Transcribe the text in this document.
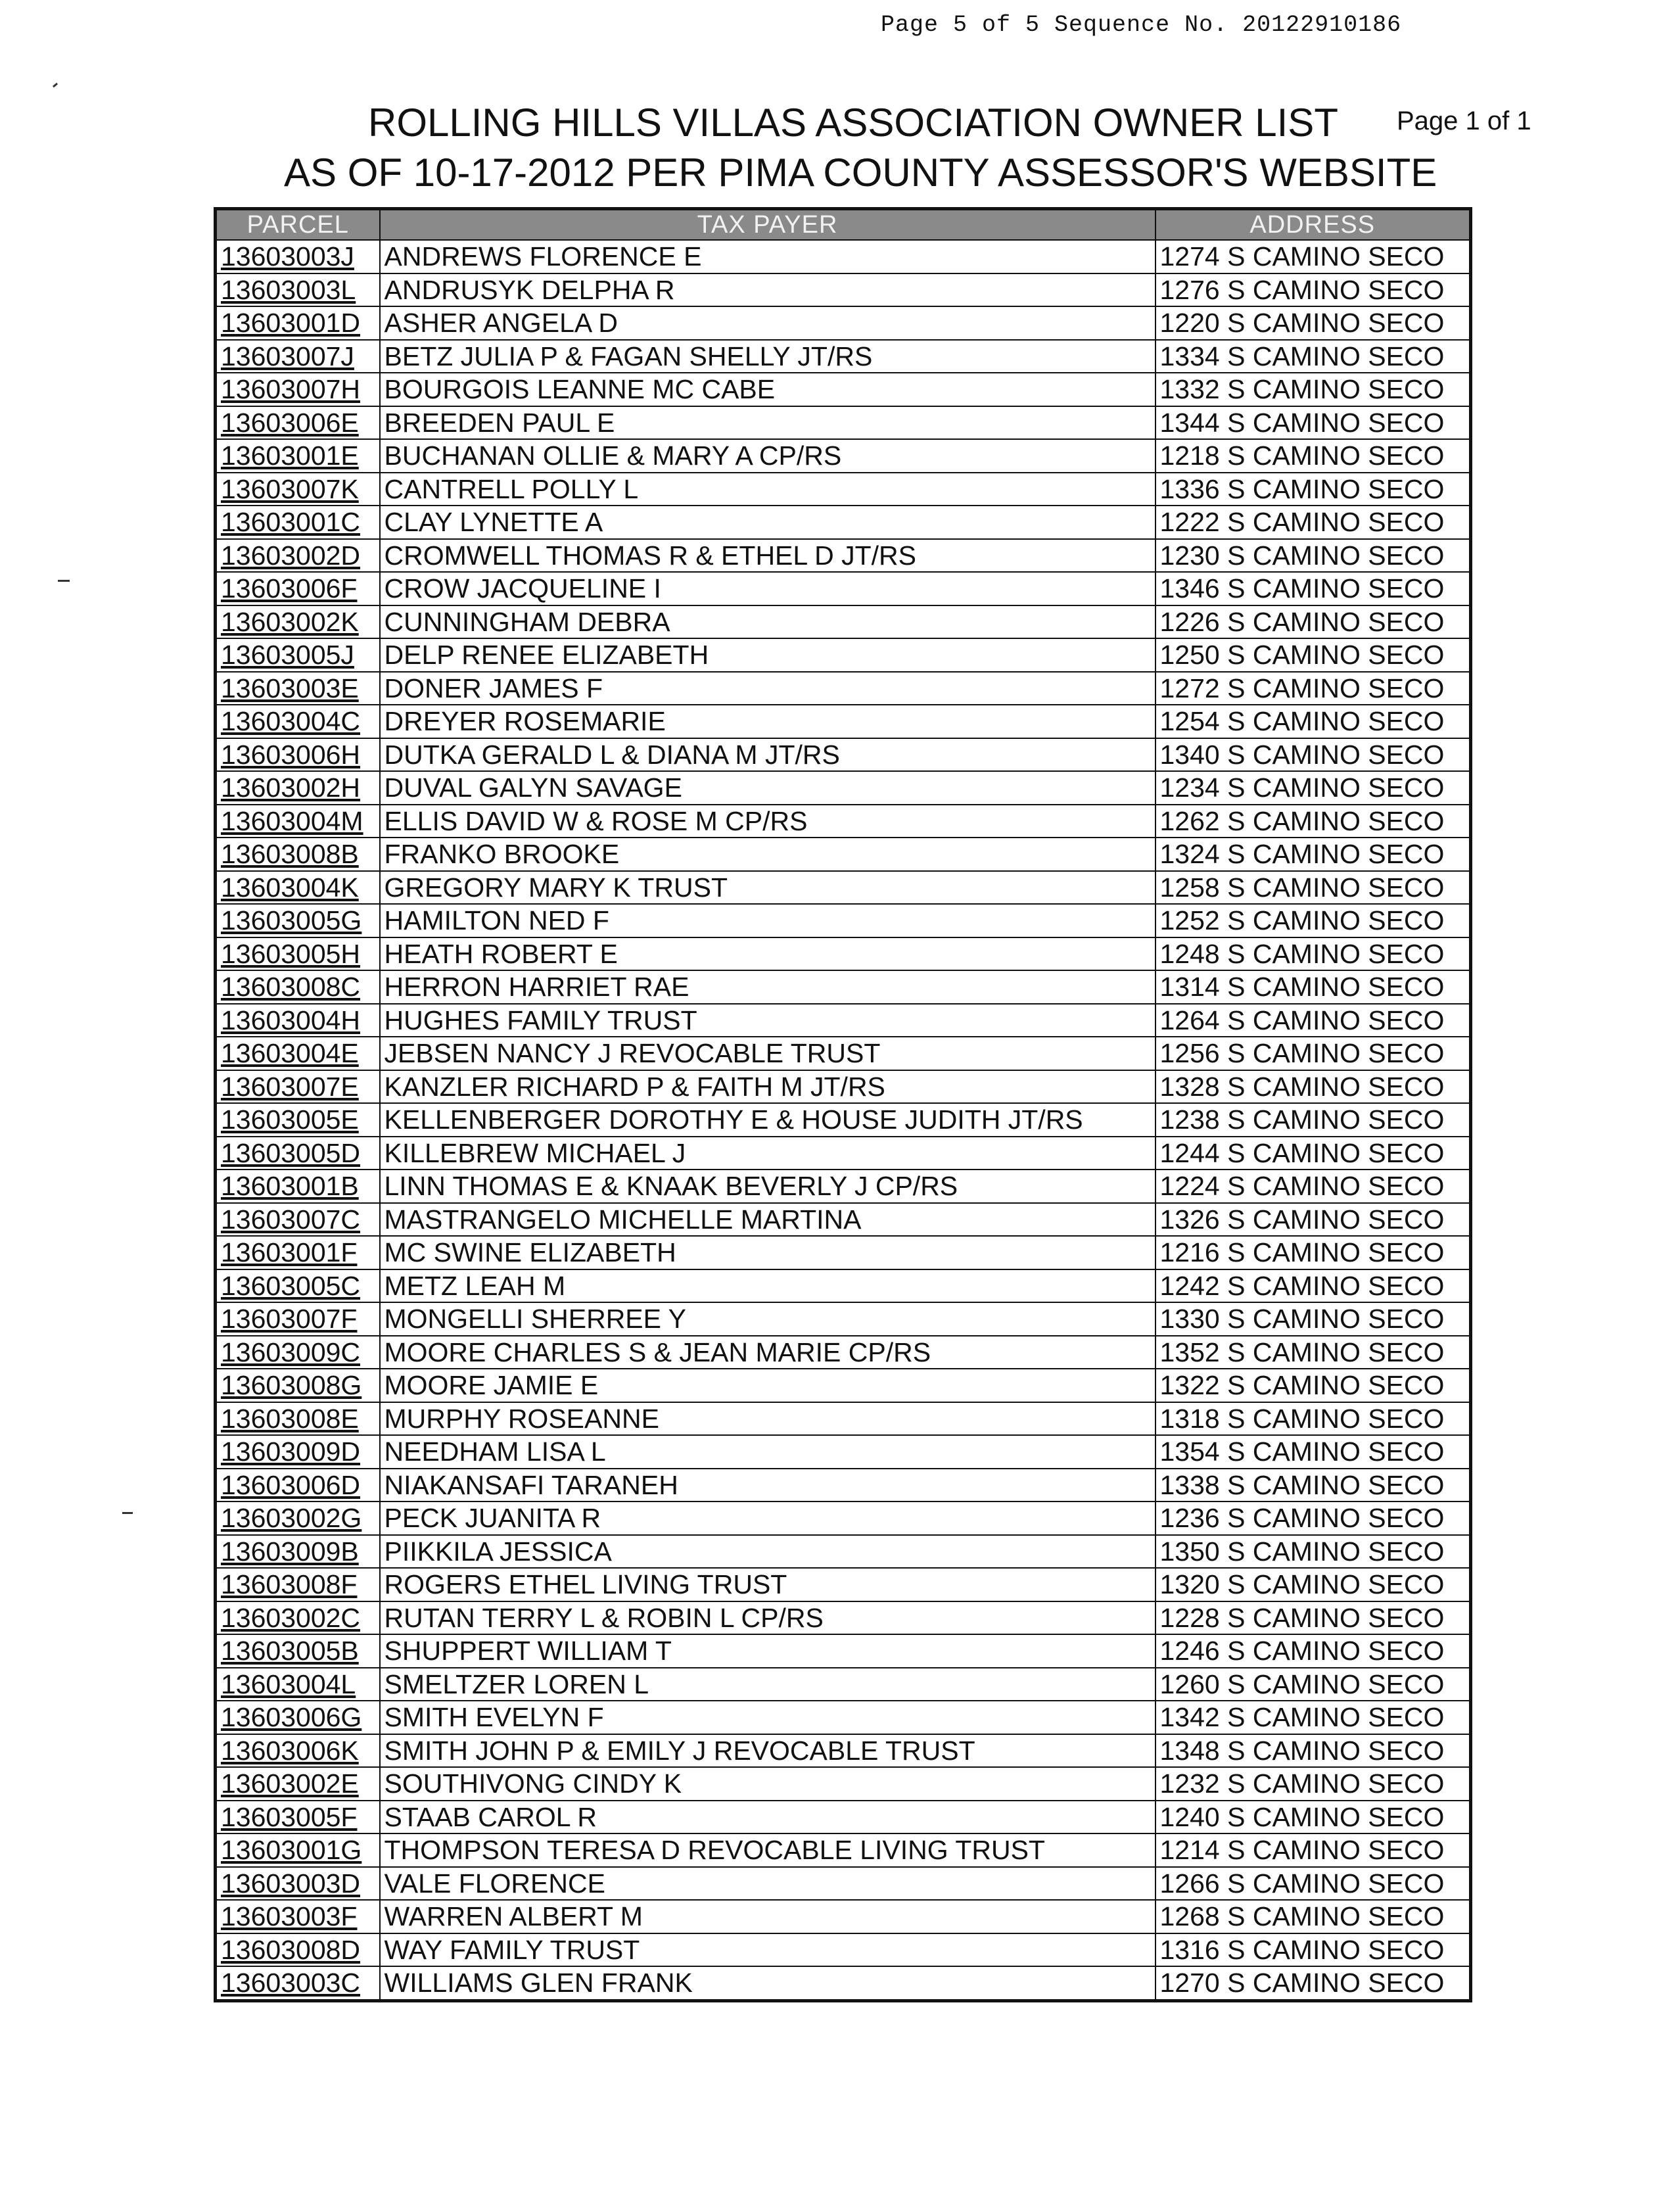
Page 5 of 5 Sequence No. 20122910186
ROLLING HILLS VILLAS ASSOCIATION OWNER LIST Page 1 of 1
AS OF 10-17-2012 PER PIMA COUNTY ASSESSOR'S WEBSITE
PARCEL	TAX PAYER	ADDRESS
13603003J	ANDREWS FLORENCE E	1274 S CAMINO SECO
13603003L	ANDRUSYK DELPHA R	1276 S CAMINO SECO
13603001D	ASHER ANGELA D	1220 S CAMINO SECO
13603007J	BETZ JULIA P & FAGAN SHELLY JT/RS	1334 S CAMINO SECO
13603007H	BOURGOIS LEANNE MC CABE	1332 S CAMINO SECO
13603006E	BREEDEN PAUL E	1344 S CAMINO SECO
13603001E	BUCHANAN OLLIE & MARY A CP/RS	1218 S CAMINO SECO
13603007K	CANTRELL POLLY L	1336 S CAMINO SECO
13603001C	CLAY LYNETTE A	1222 S CAMINO SECO
13603002D	CROMWELL THOMAS R & ETHEL D JT/RS	1230 S CAMINO SECO
13603006F	CROW JACQUELINE I	1346 S CAMINO SECO
13603002K	CUNNINGHAM DEBRA	1226 S CAMINO SECO
13603005J	DELP RENEE ELIZABETH	1250 S CAMINO SECO
13603003E	DONER JAMES F	1272 S CAMINO SECO
13603004C	DREYER ROSEMARIE	1254 S CAMINO SECO
13603006H	DUTKA GERALD L & DIANA M JT/RS	1340 S CAMINO SECO
13603002H	DUVAL GALYN SAVAGE	1234 S CAMINO SECO
13603004M	ELLIS DAVID W & ROSE M CP/RS	1262 S CAMINO SECO
13603008B	FRANKO BROOKE	1324 S CAMINO SECO
13603004K	GREGORY MARY K TRUST	1258 S CAMINO SECO
13603005G	HAMILTON NED F	1252 S CAMINO SECO
13603005H	HEATH ROBERT E	1248 S CAMINO SECO
13603008C	HERRON HARRIET RAE	1314 S CAMINO SECO
13603004H	HUGHES FAMILY TRUST	1264 S CAMINO SECO
13603004E	JEBSEN NANCY J REVOCABLE TRUST	1256 S CAMINO SECO
13603007E	KANZLER RICHARD P & FAITH M JT/RS	1328 S CAMINO SECO
13603005E	KELLENBERGER DOROTHY E & HOUSE JUDITH JT/RS	1238 S CAMINO SECO
13603005D	KILLEBREW MICHAEL J	1244 S CAMINO SECO
13603001B	LINN THOMAS E & KNAAK BEVERLY J CP/RS	1224 S CAMINO SECO
13603007C	MASTRANGELO MICHELLE MARTINA	1326 S CAMINO SECO
13603001F	MC SWINE ELIZABETH	1216 S CAMINO SECO
13603005C	METZ LEAH M	1242 S CAMINO SECO
13603007F	MONGELLI SHERREE Y	1330 S CAMINO SECO
13603009C	MOORE CHARLES S & JEAN MARIE CP/RS	1352 S CAMINO SECO
13603008G	MOORE JAMIE E	1322 S CAMINO SECO
13603008E	MURPHY ROSEANNE	1318 S CAMINO SECO
13603009D	NEEDHAM LISA L	1354 S CAMINO SECO
13603006D	NIAKANSAFI TARANEH	1338 S CAMINO SECO
13603002G	PECK JUANITA R	1236 S CAMINO SECO
13603009B	PIIKKILA JESSICA	1350 S CAMINO SECO
13603008F	ROGERS ETHEL LIVING TRUST	1320 S CAMINO SECO
13603002C	RUTAN TERRY L & ROBIN L CP/RS	1228 S CAMINO SECO
13603005B	SHUPPERT WILLIAM T	1246 S CAMINO SECO
13603004L	SMELTZER LOREN L	1260 S CAMINO SECO
13603006G	SMITH EVELYN F	1342 S CAMINO SECO
13603006K	SMITH JOHN P & EMILY J REVOCABLE TRUST	1348 S CAMINO SECO
13603002E	SOUTHIVONG CINDY K	1232 S CAMINO SECO
13603005F	STAAB CAROL R	1240 S CAMINO SECO
13603001G	THOMPSON TERESA D REVOCABLE LIVING TRUST	1214 S CAMINO SECO
13603003D	VALE FLORENCE	1266 S CAMINO SECO
13603003F	WARREN ALBERT M	1268 S CAMINO SECO
13603008D	WAY FAMILY TRUST	1316 S CAMINO SECO
13603003C	WILLIAMS GLEN FRANK	1270 S CAMINO SECO
